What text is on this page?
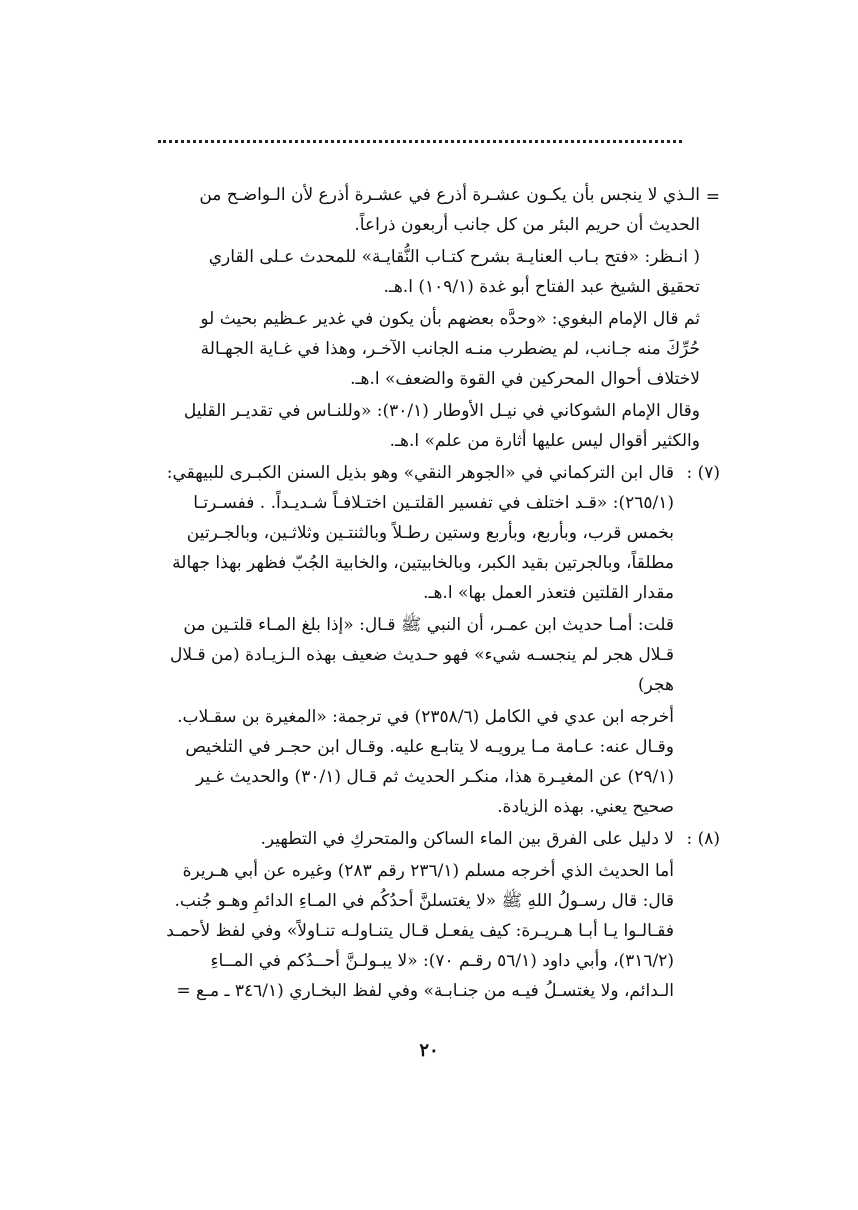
=
الـذي لا ينجس بأن يكـون عشـرة أذرع في عشـرة أذرع لأن الـواضـح من
الحديث أن حريم البئر من كل جانب أربعون ذراعاً.
( انـظر: «فتح بـاب العنايـة بشرح كتـاب النُّقايـة» للمحدث عـلى القاري
تحقيق الشيخ عبد الفتاح أبو غدة (١٠٩/١) ا.هـ.
ثم قال الإمام البغوي: «وحدَّه بعضهم بأن يكون في غدير عـظيم بحيث لو
حُرِّكَ منه جـانب، لم يضطرب منـه الجانب الآخـر، وهذا في غـاية الجهـالة
لاختلاف أحوال المحركين في القوة والضعف» ا.هـ.
وقال الإمام الشوكاني في نيـل الأوطار (٣٠/١): «وللنـاس في تقديـر القليل
والكثير أقوال ليس عليها أثارة من علم» ا.هـ.
(٧) :
قال ابن التركماني في «الجوهر النقي» وهو بذيل السنن الكبـرى للبيهقي:
(٢٦٥/١): «قـد اختلف في تفسير القلتـين اختـلافـاً شـديـداً. . ففسـرتـا
بخمس قرب، وبأربع، وبأربع وستين رطـلاً وبالثنتـين وثلاثـين، وبالجـرتين
مطلقاً، وبالجرتين بقيد الكبر، وبالخابيتين، والخابية الجُبّ فظهر بهذا جهالة
مقدار القلتين فتعذر العمل بها» ا.هـ.
قلت: أمـا حديث ابن عمـر، أن النبي ﷺ قـال: «إذا بلغ المـاء قلتـين من
قـلال هجر لم ينجسـه شيء» فهو حـديث ضعيف بهذه الـزيـادة (من قـلال
هجر)
أخرجه ابن عدي في الكامل (٢٣٥٨/٦) في ترجمة: «المغيرة بن سقـلاب.
وقـال عنه: عـامة مـا يرويـه لا يتابـع عليه. وقـال ابن حجـر في التلخيص
(٢٩/١) عن المغيـرة هذا، منكـر الحديث ثم قـال (٣٠/١) والحديث غـير
صحيح يعني. بهذه الزيادة.
(٨) :
لا دليل على الفرق بين الماء الساكن والمتحركِ في التطهير.
أما الحديث الذي أخرجه مسلم (٢٣٦/١ رقم ٢٨٣) وغيره عن أبي هـريرة
قال: قال رسـولُ اللهِ ﷺ «لا يغتسلنَّ أحدُكُم في المـاءِ الدائمِ وهـو جُنب.
فقـالـوا يـا أبـا هـريـرة: كيف يفعـل قـال يتنـاولـه تنـاولاً» وفي لفظ لأحمـد
(٣١٦/٢)، وأبي داود (٥٦/١ رقـم ٧٠): «لا يبـولـنَّ أحــدُكم في المــاءِ
الـدائم، ولا يغتسـلُ فيـه من جنـابـة» وفي لفظ البخـاري (٣٤٦/١ ـ مـع =
٢٠
